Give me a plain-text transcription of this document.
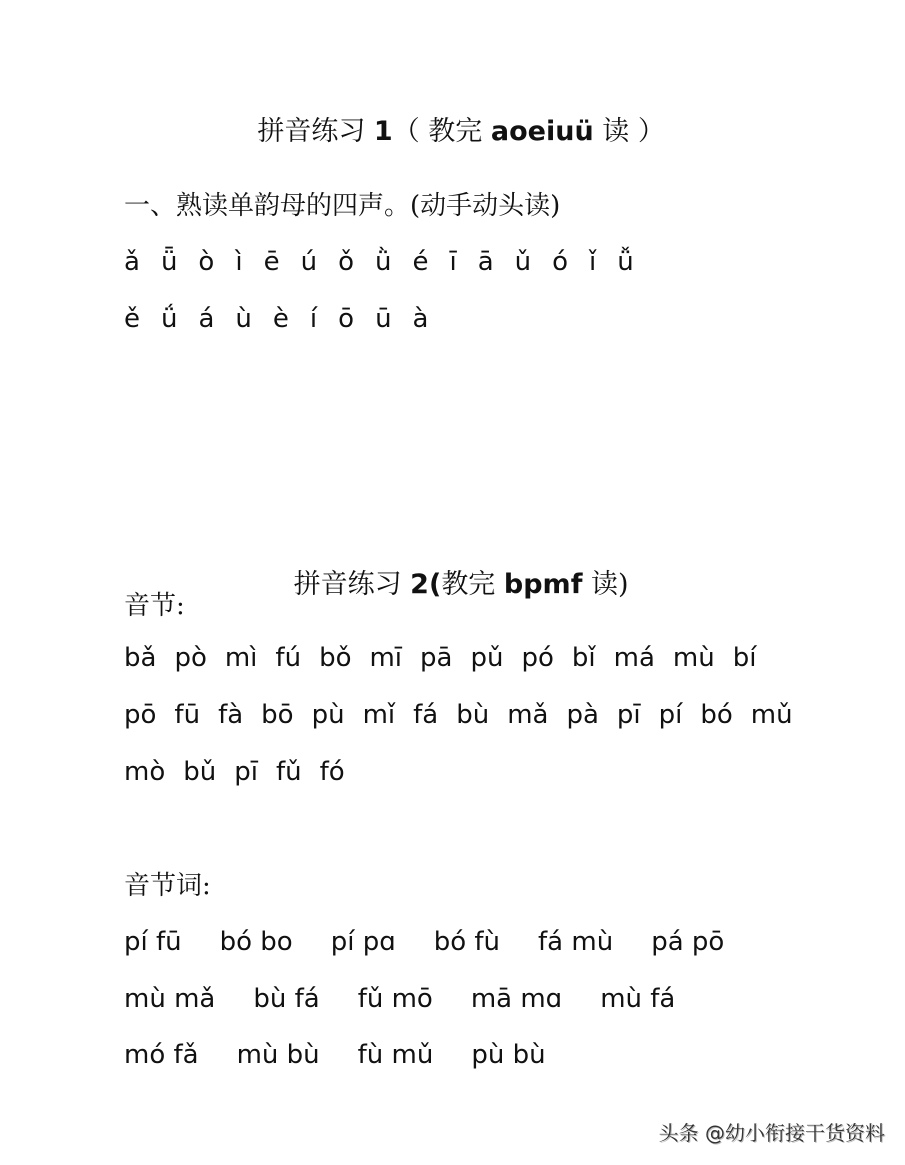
拼音练习 1（ 教完 aoeiuü 读 ）

一、熟读单韵母的四声。(动手动头读)
ǎ ǖ ò ì ē ú ǒ ǜ é ī ā ǔ ó ǐ ǚ
ě ǘ á ù è í ō ū à

拼音练习 2(教完 bpmf 读)

音节:
bǎ pò mì fú bǒ mī pā pǔ pó bǐ má mù bí
pō fū fà bō pù mǐ fá bù mǎ pà pī pí bó mǔ
mò bǔ pī fǔ fó
音节词:
pí fū bó bo pí pɑ bó fù fá mù pá pō
mù mǎ bù fá fǔ mō mā mɑ mù fá
mó fǎ mù bù fù mǔ pù bù
头条 @幼小衔接干货资料
